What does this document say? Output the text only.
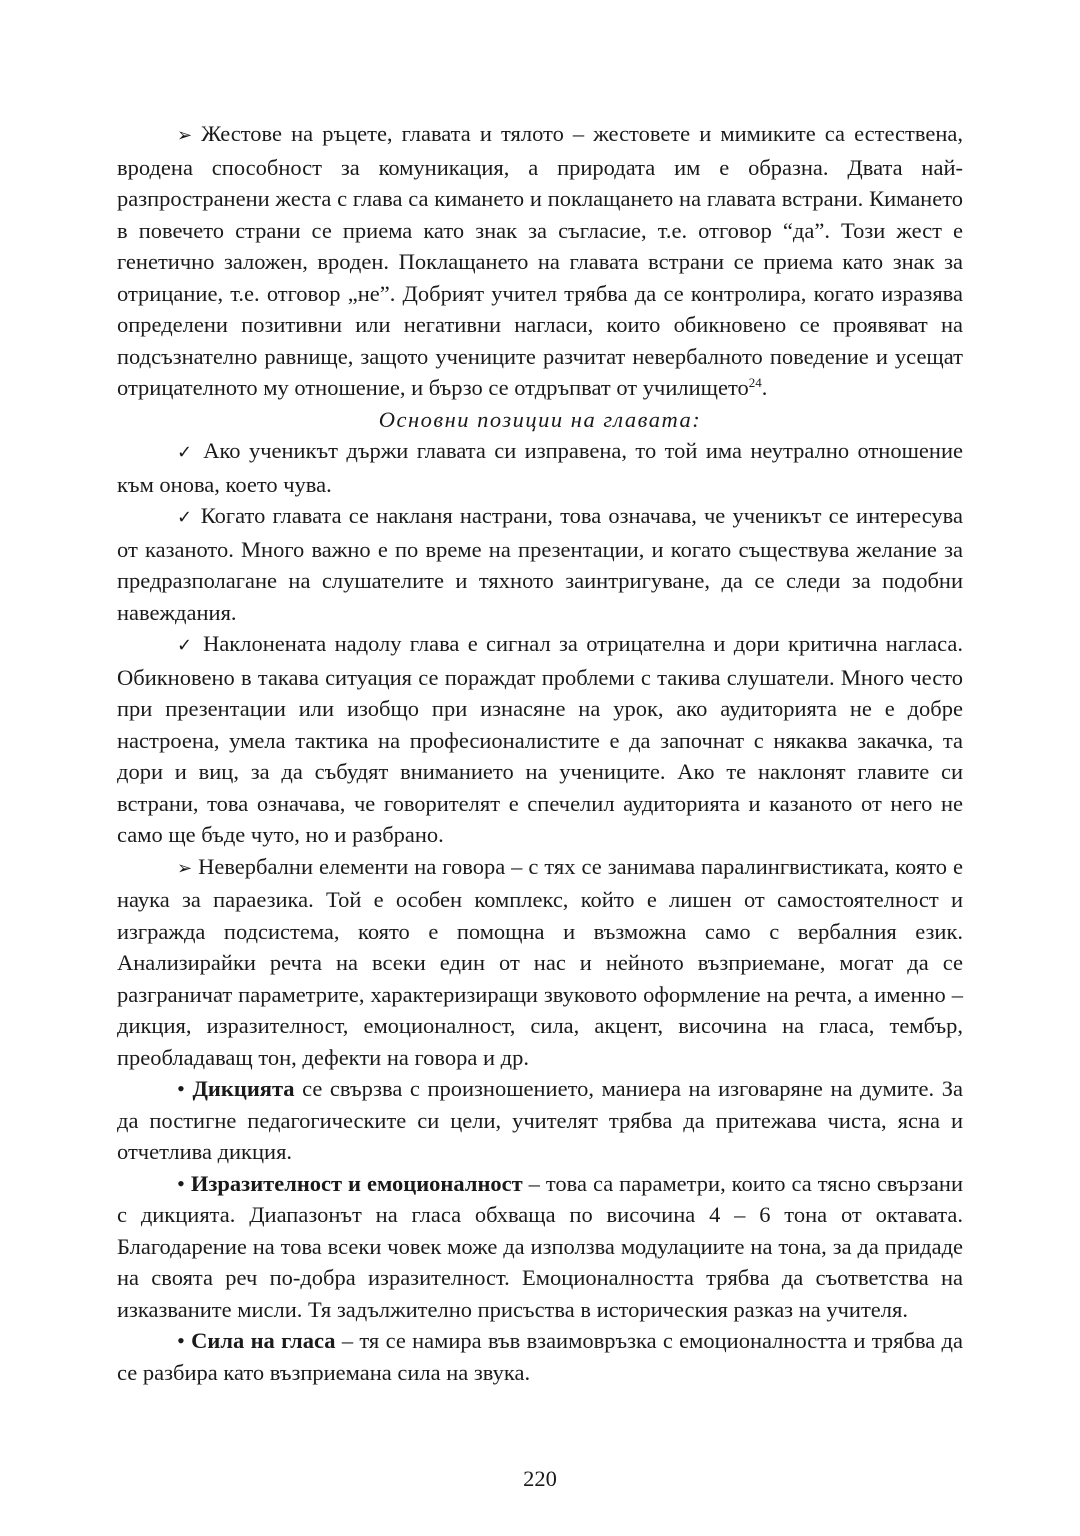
➢ Жестове на ръцете, главата и тялото – жестовете и мимиките са естествена, вродена способност за комуникация, а природата им е образна. Двата най-разпространени жеста с глава са кимането и поклащането на главата встрани. Кимането в повечето страни се приема като знак за съгласие, т.е. отговор “да”. Този жест е генетично заложен, вроден. Поклащането на главата встрани се приема като знак за отрицание, т.е. отговор „не”. Добрият учител трябва да се контролира, когато изразява определени позитивни или негативни нагласи, които обикновено се проявяват на подсъзнателно равнище, защото учениците разчитат невербалното поведение и усещат отрицателното му отношение, и бързо се отдръпват от училището$^{24}$.

Основни позиции на главата:

✓ Ако ученикът държи главата си изправена, то той има неутрално отношение към онова, което чува.

✓ Когато главата се накланя настрани, това означава, че ученикът се интересува от казаното. Много важно е по време на презентации, и когато съществува желание за предразполагане на слушателите и тяхното заинтригуване, да се следи за подобни навеждания.

✓ Наклонената надолу глава е сигнал за отрицателна и дори критична нагласа. Обикновено в такава ситуация се пораждат проблеми с такива слушатели. Много често при презентации или изобщо при изнасяне на урок, ако аудиторията не е добре настроена, умела тактика на професионалистите е да започнат с някаква закачка, та дори и виц, за да събудят вниманието на учениците. Ако те наклонят главите си встрани, това означава, че говорителят е спечелил аудиторията и казаното от него не само ще бъде чуто, но и разбрано.

➢ Невербални елементи на говора – с тях се занимава паралингвистиката, която е наука за параезика. Той е особен комплекс, който е лишен от самостоятелност и изгражда подсистема, която е помощна и възможна само с вербалния език. Анализирайки речта на всеки един от нас и нейното възприемане, могат да се разграничат параметрите, характеризиращи звуковото оформление на речта, а именно – дикция, изразителност, емоционалност, сила, акцент, височина на гласа, тембър, преобладаващ тон, дефекти на говора и др.

• Дикцията се свързва с произношението, маниера на изговаряне на думите. За да постигне педагогическите си цели, учителят трябва да притежава чиста, ясна и отчетлива дикция.

• Изразителност и емоционалност – това са параметри, които са тясно свързани с дикцията. Диапазонът на гласа обхваща по височина 4 – 6 тона от октавата. Благодарение на това всеки човек може да използва модулациите на тона, за да придаде на своята реч по-добра изразителност. Емоционалността трябва да съответства на изказваните мисли. Тя задължително присъства в историческия разказ на учителя.

• Сила на гласа – тя се намира във взаимовръзка с емоционалността и трябва да се разбира като възприемана сила на звука.

220
